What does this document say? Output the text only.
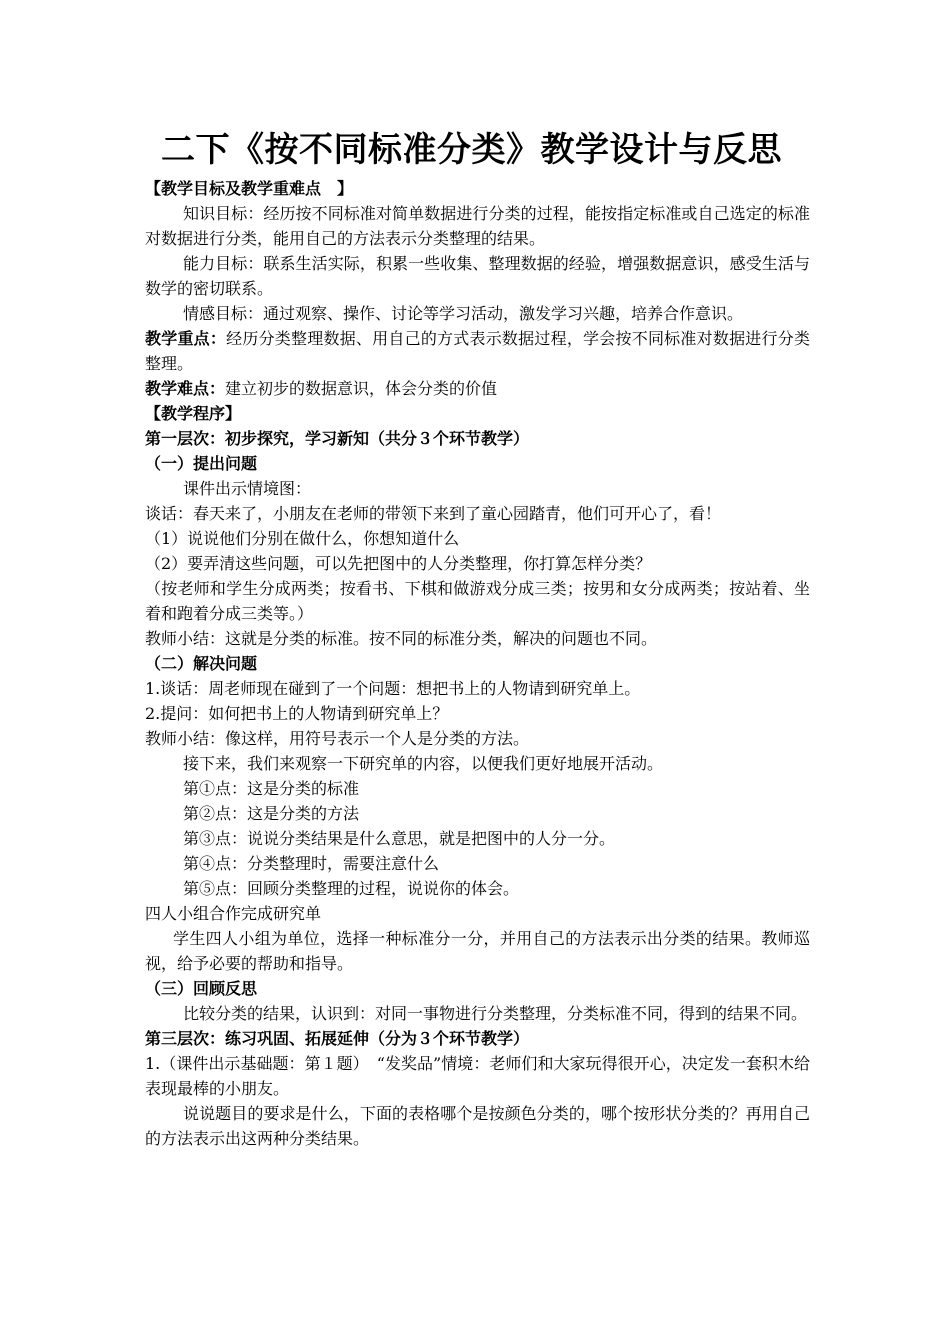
二下《按不同标准分类》教学设计与反思

【教学目标及教学重难点　】

知识目标：经历按不同标准对简单数据进行分类的过程，能按指定标准或自己选定的标准对数据进行分类，能用自己的方法表示分类整理的结果。

能力目标：联系生活实际，积累一些收集、整理数据的经验，增强数据意识，感受生活与数学的密切联系。

情感目标：通过观察、操作、讨论等学习活动，激发学习兴趣，培养合作意识。

教学重点：经历分类整理数据、用自己的方式表示数据过程，学会按不同标准对数据进行分类整理。

教学难点：建立初步的数据意识，体会分类的价值

【教学程序】

第一层次：初步探究，学习新知（共分３个环节教学）

（一）提出问题

课件出示情境图：

谈话：春天来了，小朋友在老师的带领下来到了童心园踏青，他们可开心了，看！

（1）说说他们分别在做什么，你想知道什么

（2）要弄清这些问题，可以先把图中的人分类整理，你打算怎样分类？

（按老师和学生分成两类；按看书、下棋和做游戏分成三类；按男和女分成两类；按站着、坐着和跑着分成三类等。）

教师小结：这就是分类的标准。按不同的标准分类，解决的问题也不同。

（二）解决问题

1.谈话：周老师现在碰到了一个问题：想把书上的人物请到研究单上。

2.提问：如何把书上的人物请到研究单上？

教师小结：像这样，用符号表示一个人是分类的方法。

接下来，我们来观察一下研究单的内容，以便我们更好地展开活动。

第①点：这是分类的标准

第②点：这是分类的方法

第③点：说说分类结果是什么意思，就是把图中的人分一分。

第④点：分类整理时，需要注意什么

第⑤点：回顾分类整理的过程，说说你的体会。

四人小组合作完成研究单

学生四人小组为单位，选择一种标准分一分，并用自己的方法表示出分类的结果。教师巡视，给予必要的帮助和指导。

（三）回顾反思

比较分类的结果，认识到：对同一事物进行分类整理，分类标准不同，得到的结果不同。

第三层次：练习巩固、拓展延伸（分为３个环节教学）

1.（课件出示基础题：第１题）　“发奖品”情境：老师们和大家玩得很开心，决定发一套积木给表现最棒的小朋友。

说说题目的要求是什么，下面的表格哪个是按颜色分类的，哪个按形状分类的？再用自己的方法表示出这两种分类结果。
